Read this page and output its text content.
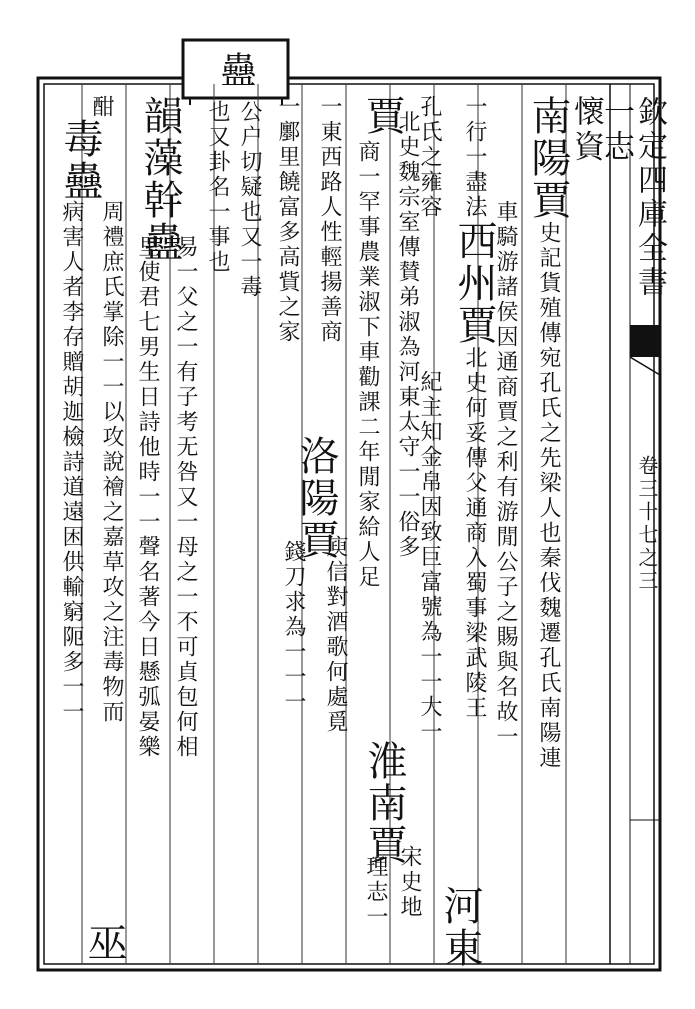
欽定四庫全書
卷三十七之三
蠱
一志
懷資
南陽賈史記貨殖傳宛孔氏之先梁人也秦伐魏遷孔氏南陽連
車騎游諸侯因通商賈之利有游閒公子之賜與名故一
一行一盡法西州賈北史何妥傳父通商入蜀事梁武陵王
孔氏之雍容
紀主知金帛因致巨富號為一一大一
河東
賈
北史魏宗室傳賛弟淑為河東太守一一俗多
商一罕事農業淑下車勸課二年閒家給人足
淮南賈
宋史地
一東西路人性輕揚善商
洛陽賈
庾信對酒歌何處覓
理志一
一鄽里饒富多高貲之家
錢刀求為一一一
也又卦名一事也 公户切疑也又一毒
韻藻幹蠱
易一父之一有子考无咎又一母之一不可貞包何相
里使君七男生日詩他時一一聲名著今日懸弧晏樂
酣
毒蠱
周禮庶氏掌除一一以攻說禬之嘉草攻之注毒物而
病害人者李存贈胡迦檢詩道遠困供輸窮阨多一一
巫
